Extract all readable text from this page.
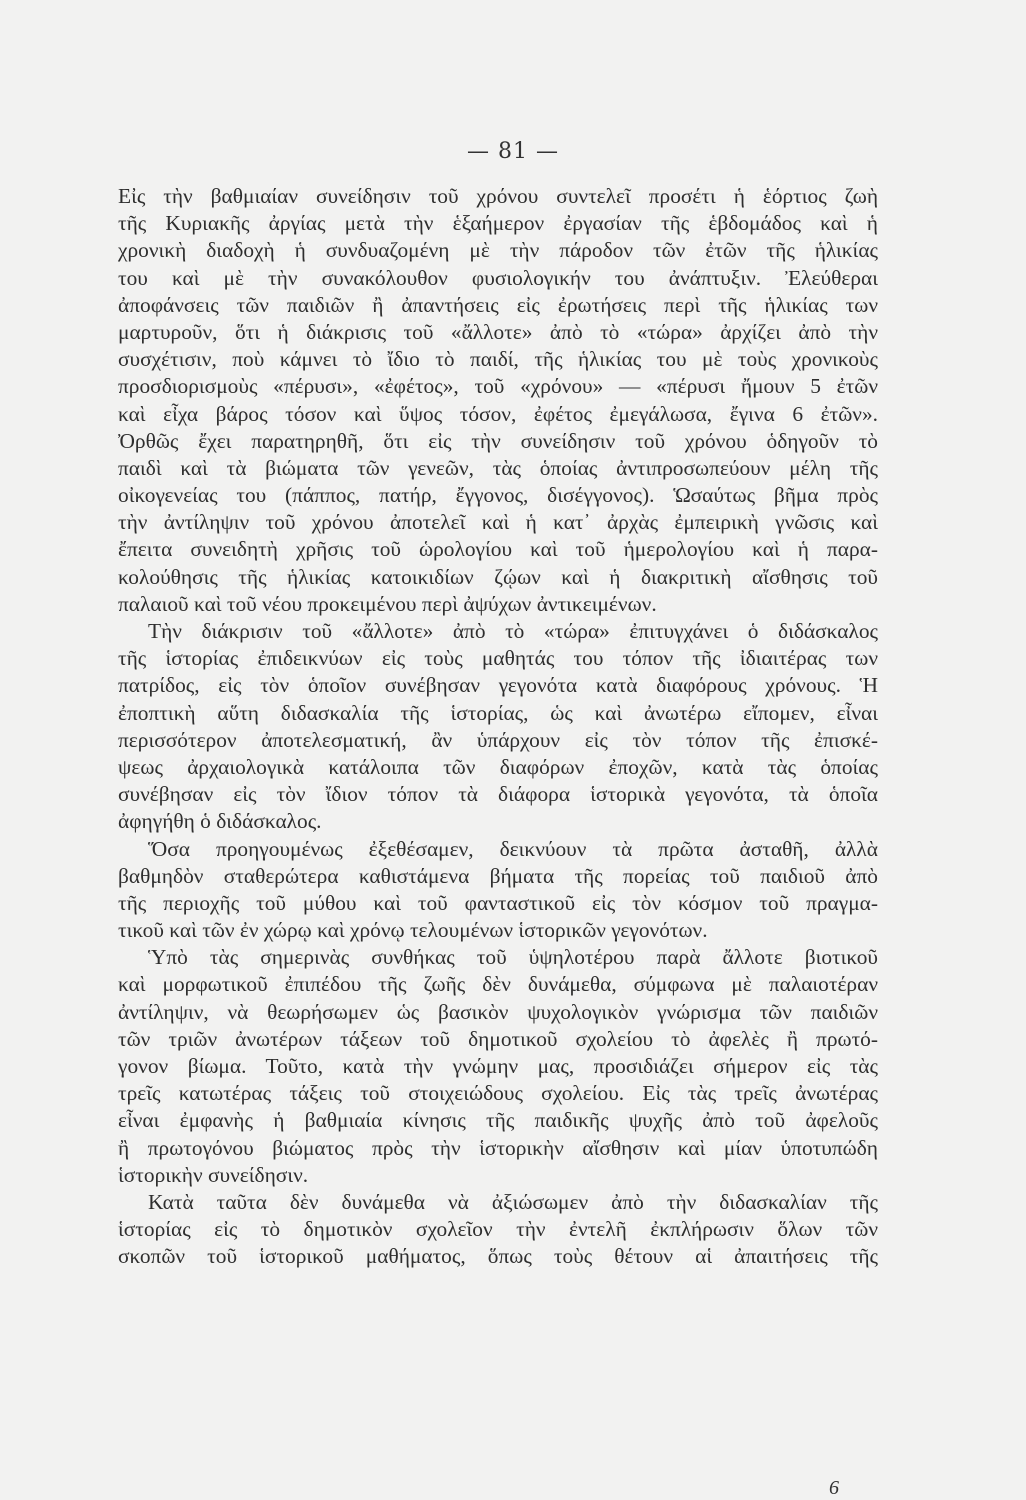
— 81 —
Εἰς τὴν βαθμιαίαν συνείδησιν τοῦ χρόνου συντελεῖ προσέτι ἡ ἑόρτιος ζωὴ
τῆς Κυριακῆς ἀργίας μετὰ τὴν ἑξαήμερον ἐργασίαν τῆς ἑβδομάδος καὶ ἡ
χρονικὴ διαδοχὴ ἡ συνδυαζομένη μὲ τὴν πάροδον τῶν ἐτῶν τῆς ἡλικίας
του καὶ μὲ τὴν συνακόλουθον φυσιολογικήν του ἀνάπτυξιν. Ἐλεύθεραι
ἀποφάνσεις τῶν παιδιῶν ἢ ἀπαντήσεις εἰς ἐρωτήσεις περὶ τῆς ἡλικίας των
μαρτυροῦν, ὅτι ἡ διάκρισις τοῦ «ἄλλοτε» ἀπὸ τὸ «τώρα» ἀρχίζει ἀπὸ τὴν
συσχέτισιν, ποὺ κάμνει τὸ ἴδιο τὸ παιδί, τῆς ἡλικίας του μὲ τοὺς χρονικοὺς
προσδιορισμοὺς «πέρυσι», «ἐφέτος», τοῦ «χρόνου» — «πέρυσι ἤμουν 5 ἐτῶν
καὶ εἶχα βάρος τόσον καὶ ὕψος τόσον, ἐφέτος ἐμεγάλωσα, ἔγινα 6 ἐτῶν».
Ὀρθῶς ἔχει παρατηρηθῆ, ὅτι εἰς τὴν συνείδησιν τοῦ χρόνου ὁδηγοῦν τὸ
παιδὶ καὶ τὰ βιώματα τῶν γενεῶν, τὰς ὁποίας ἀντιπροσωπεύουν μέλη τῆς
οἰκογενείας του (πάππος, πατήρ, ἔγγονος, δισέγγονος). Ὡσαύτως βῆμα πρὸς
τὴν ἀντίληψιν τοῦ χρόνου ἀποτελεῖ καὶ ἡ κατ᾿ ἀρχὰς ἐμπειρικὴ γνῶσις καὶ
ἔπειτα συνειδητὴ χρῆσις τοῦ ὡρολογίου καὶ τοῦ ἡμερολογίου καὶ ἡ παρα-
κολούθησις τῆς ἡλικίας κατοικιδίων ζῴων καὶ ἡ διακριτικὴ αἴσθησις τοῦ
παλαιοῦ καὶ τοῦ νέου προκειμένου περὶ ἀψύχων ἀντικειμένων.
Τὴν διάκρισιν τοῦ «ἄλλοτε» ἀπὸ τὸ «τώρα» ἐπιτυγχάνει ὁ διδάσκαλος
τῆς ἱστορίας ἐπιδεικνύων εἰς τοὺς μαθητάς του τόπον τῆς ἰδιαιτέρας των
πατρίδος, εἰς τὸν ὁποῖον συνέβησαν γεγονότα κατὰ διαφόρους χρόνους. Ἡ
ἐποπτικὴ αὕτη διδασκαλία τῆς ἱστορίας, ὡς καὶ ἀνωτέρω εἴπομεν, εἶναι
περισσότερον ἀποτελεσματική, ἂν ὑπάρχουν εἰς τὸν τόπον τῆς ἐπισκέ-
ψεως ἀρχαιολογικὰ κατάλοιπα τῶν διαφόρων ἐποχῶν, κατὰ τὰς ὁποίας
συνέβησαν εἰς τὸν ἴδιον τόπον τὰ διάφορα ἱστορικὰ γεγονότα, τὰ ὁποῖα
ἀφηγήθη ὁ διδάσκαλος.
Ὅσα προηγουμένως ἐξεθέσαμεν, δεικνύουν τὰ πρῶτα ἀσταθῆ, ἀλλὰ
βαθμηδὸν σταθερώτερα καθιστάμενα βήματα τῆς πορείας τοῦ παιδιοῦ ἀπὸ
τῆς περιοχῆς τοῦ μύθου καὶ τοῦ φανταστικοῦ εἰς τὸν κόσμον τοῦ πραγμα-
τικοῦ καὶ τῶν ἐν χώρῳ καὶ χρόνῳ τελουμένων ἱστορικῶν γεγονότων.
Ὑπὸ τὰς σημερινὰς συνθήκας τοῦ ὑψηλοτέρου παρὰ ἄλλοτε βιοτικοῦ
καὶ μορφωτικοῦ ἐπιπέδου τῆς ζωῆς δὲν δυνάμεθα, σύμφωνα μὲ παλαιοτέραν
ἀντίληψιν, νὰ θεωρήσωμεν ὡς βασικὸν ψυχολογικὸν γνώρισμα τῶν παιδιῶν
τῶν τριῶν ἀνωτέρων τάξεων τοῦ δημοτικοῦ σχολείου τὸ ἀφελὲς ἢ πρωτό-
γονον βίωμα. Τοῦτο, κατὰ τὴν γνώμην μας, προσιδιάζει σήμερον εἰς τὰς
τρεῖς κατωτέρας τάξεις τοῦ στοιχειώδους σχολείου. Εἰς τὰς τρεῖς ἀνωτέρας
εἶναι ἐμφανὴς ἡ βαθμιαία κίνησις τῆς παιδικῆς ψυχῆς ἀπὸ τοῦ ἀφελοῦς
ἢ πρωτογόνου βιώματος πρὸς τὴν ἱστορικὴν αἴσθησιν καὶ μίαν ὑποτυπώδη
ἱστορικὴν συνείδησιν.
Κατὰ ταῦτα δὲν δυνάμεθα νὰ ἀξιώσωμεν ἀπὸ τὴν διδασκαλίαν τῆς
ἱστορίας εἰς τὸ δημοτικὸν σχολεῖον τὴν ἐντελῆ ἐκπλήρωσιν ὅλων τῶν
σκοπῶν τοῦ ἱστορικοῦ μαθήματος, ὅπως τοὺς θέτουν αἱ ἀπαιτήσεις τῆς
6
